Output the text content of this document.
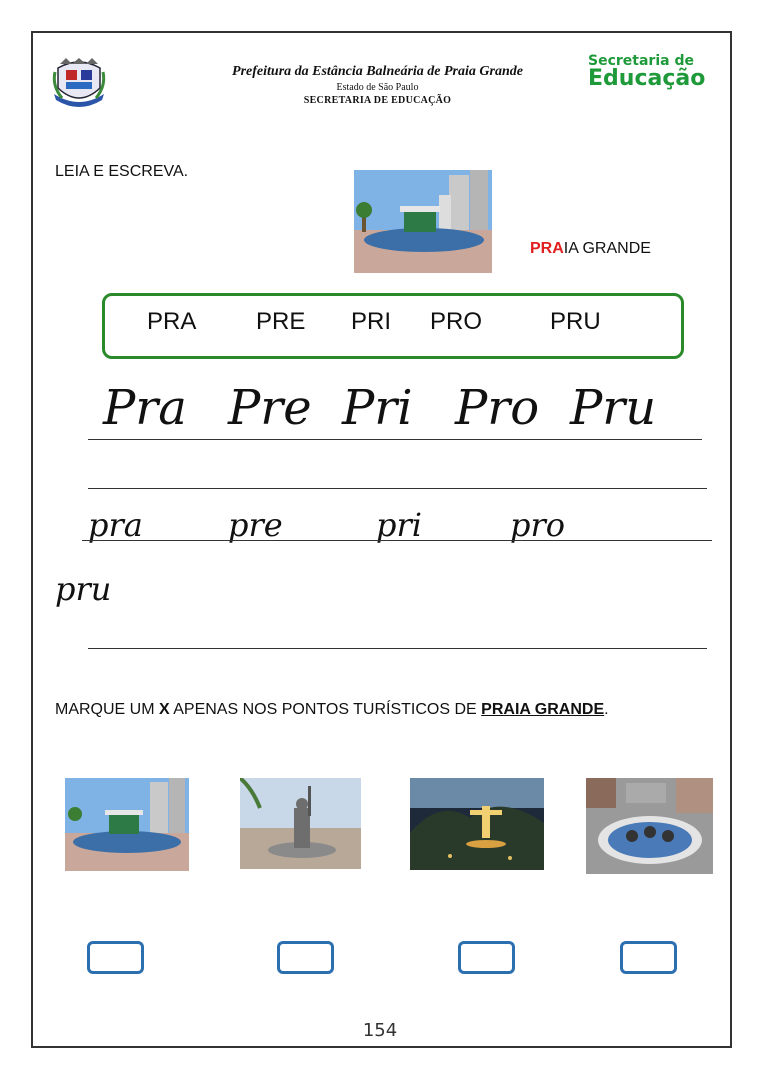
Prefeitura da Estância Balneária de Praia Grande
Estado de São Paulo
SECRETARIA DE EDUCAÇÃO
Secretaria de
Educação
LEIA E ESCREVA.
PRAIA GRANDE
PRA PRE PRI PRO	PRU
Pra Pre Pri Pro Pru
pra	pre	pri	pro
pru
MARQUE UM X APENAS NOS PONTOS TURÍSTICOS DE PRAIA GRANDE.
154
